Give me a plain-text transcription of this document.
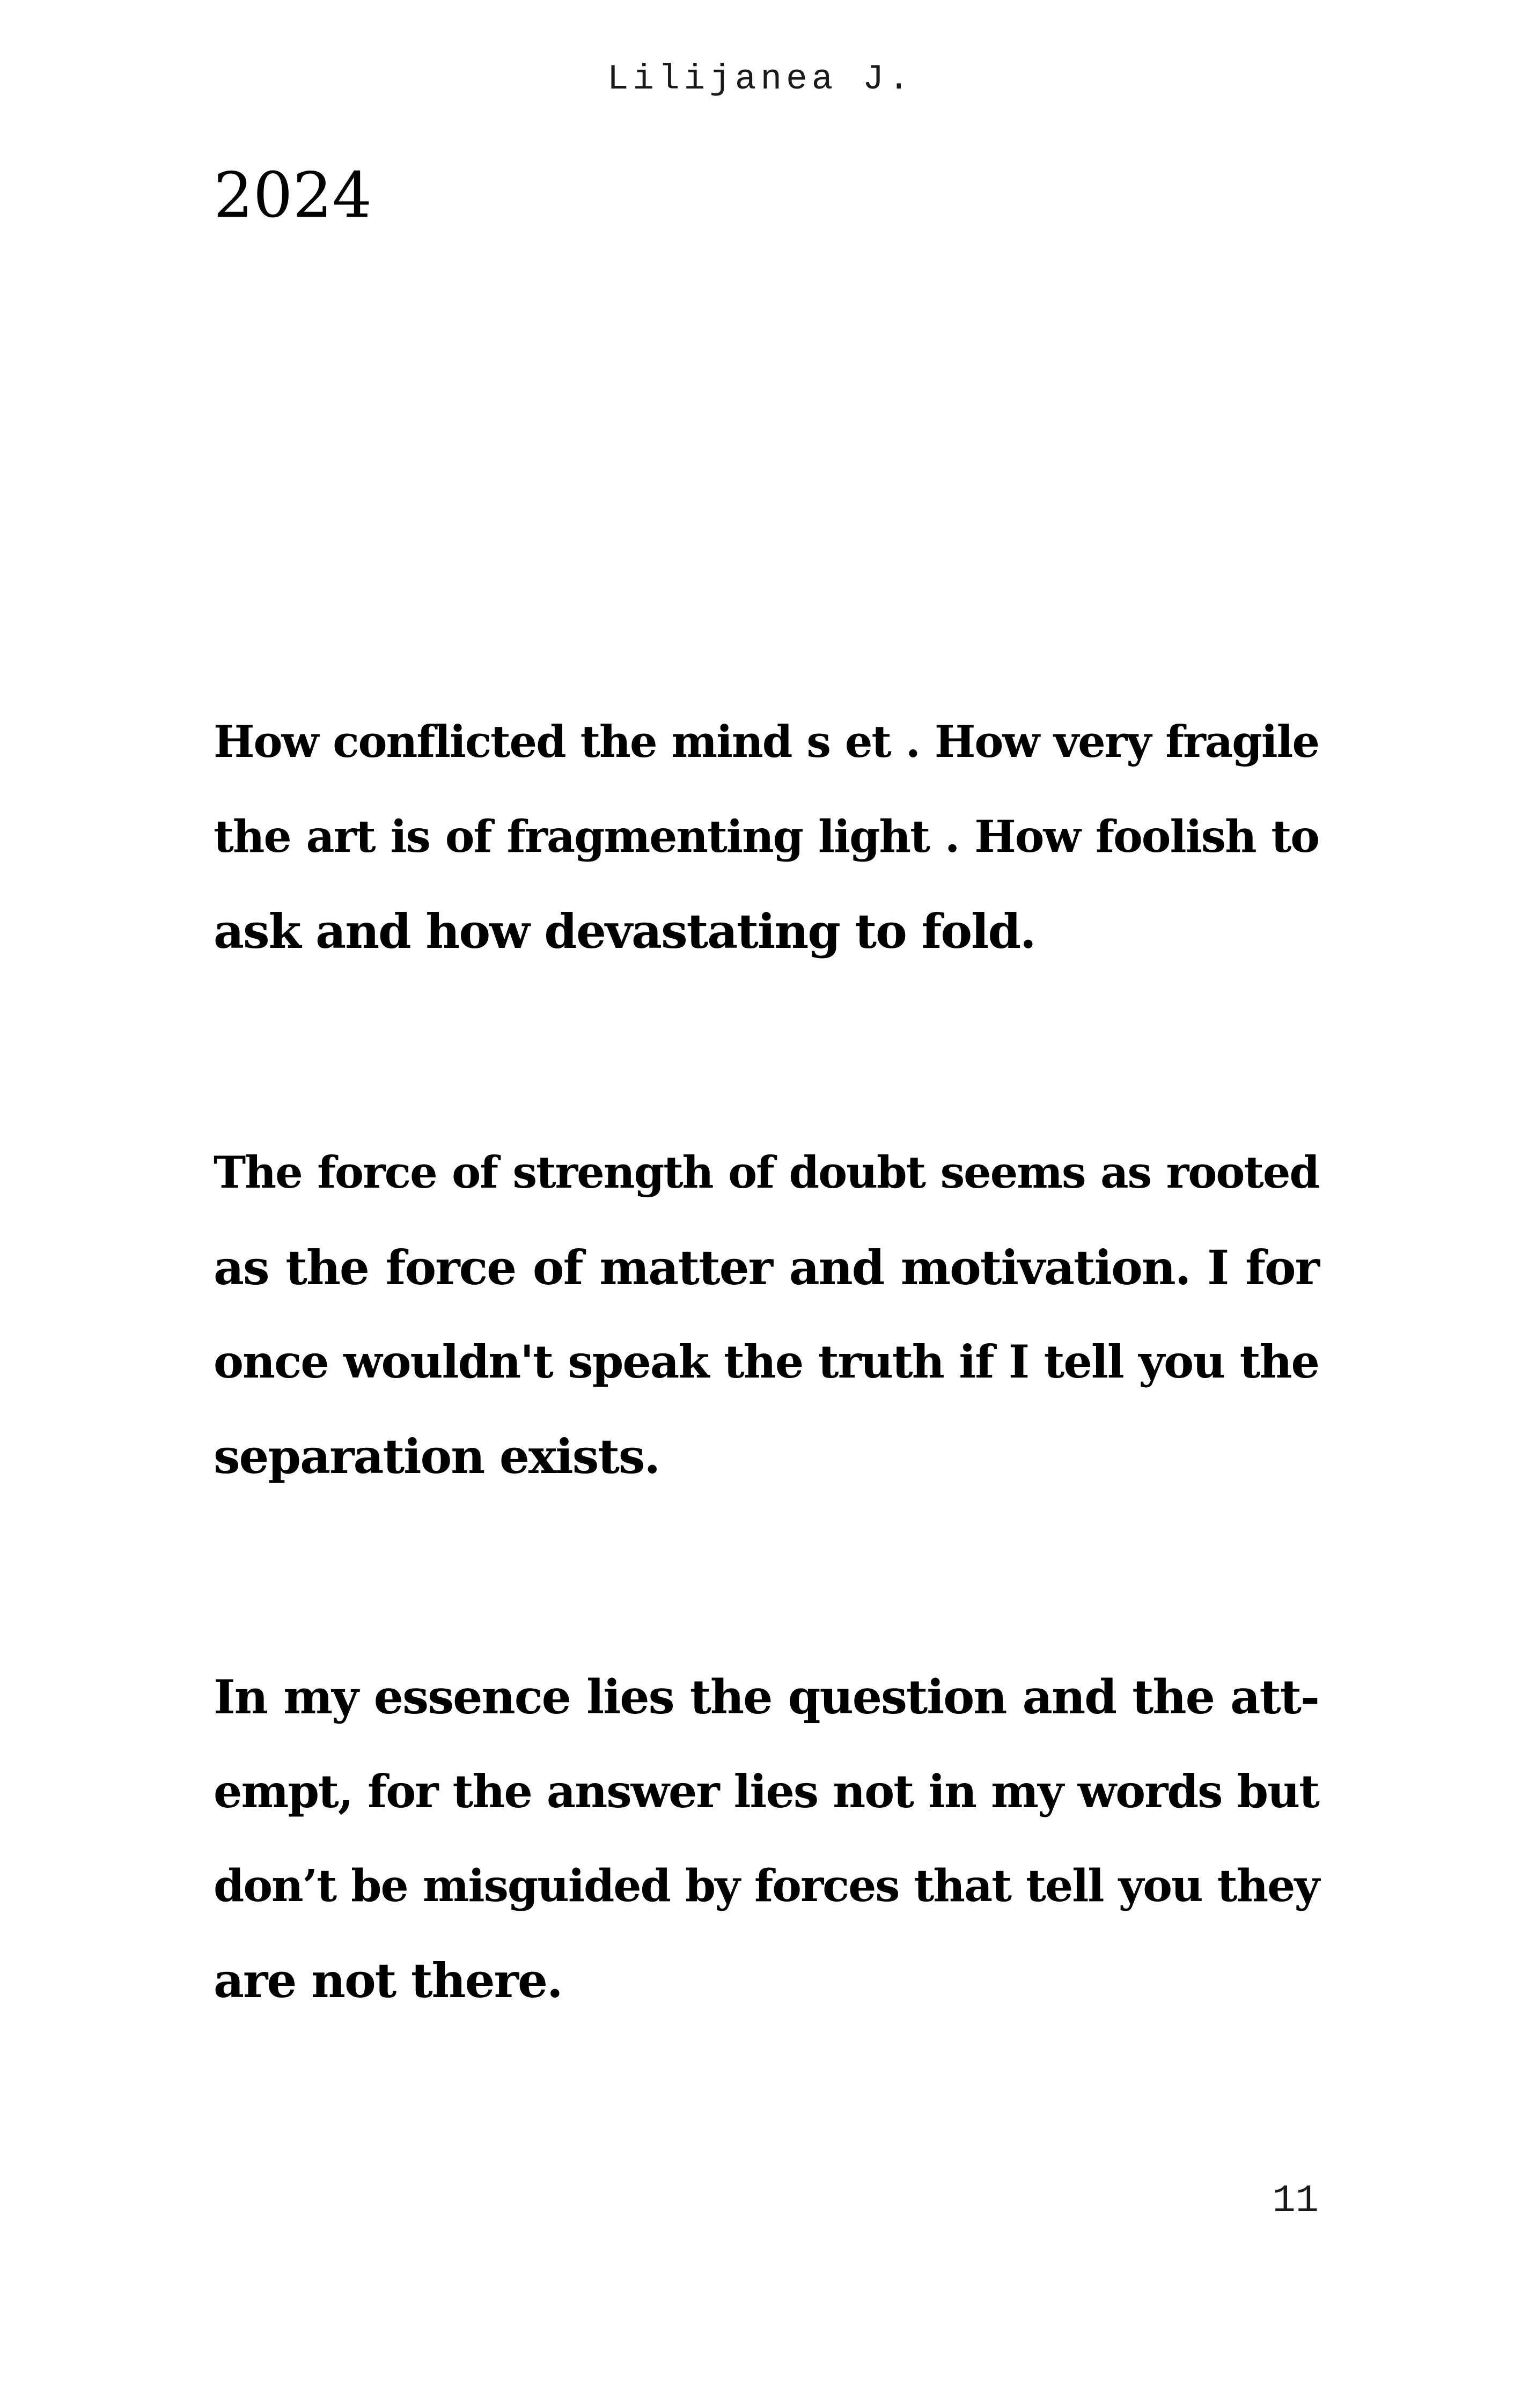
Lilijanea J.
2024
How conflicted the mind s et . How very fragile
the art is of fragmenting light . How foolish to
ask and how devastating to fold.
The force of strength of doubt seems as rooted
as the force of matter and motivation. I for
once wouldn't speak the truth if I tell you the
separation exists.
In my essence lies the question and the att-
empt, for the answer lies not in my words but
don’t be misguided by forces that tell you they
are not there.
11
